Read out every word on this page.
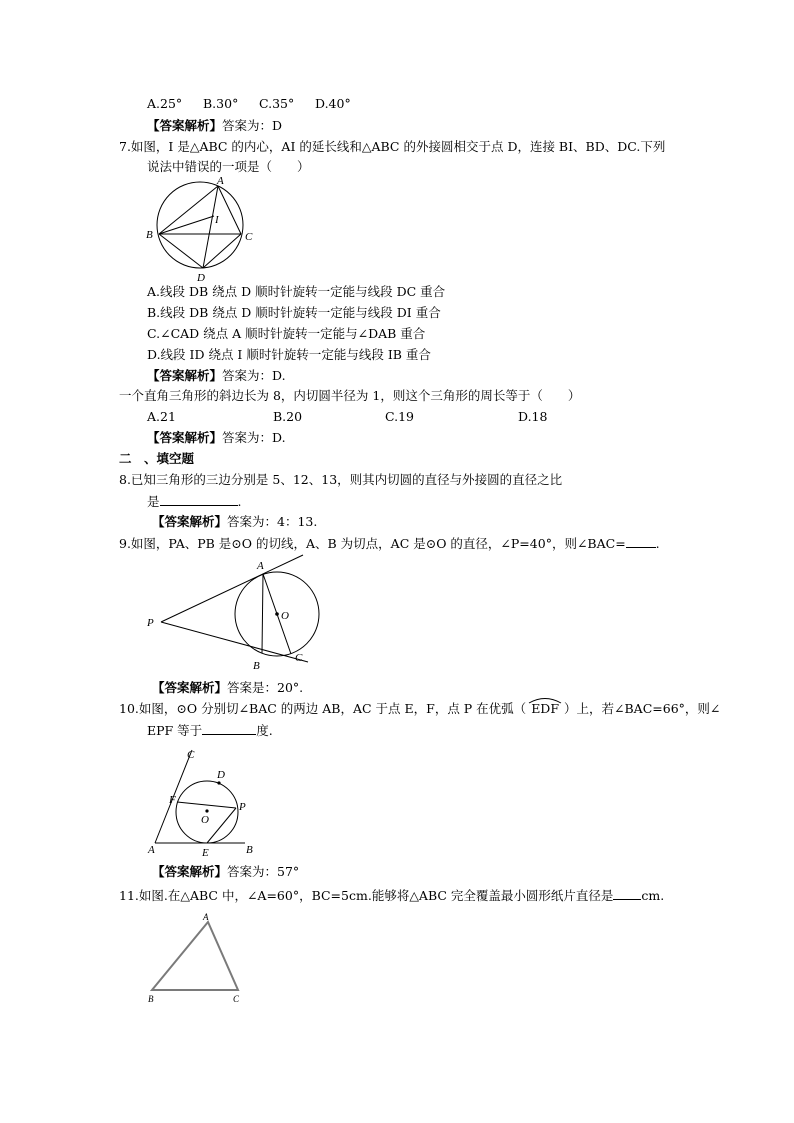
A.25° B.30° C.35° D.40°
【答案解析】答案为：D
7.如图，I 是△ABC 的内心，AI 的延长线和△ABC 的外接圆相交于点 D，连接 BI、BD、DC.下列
说法中错误的一项是（　　）
A
B	C
D
I
A.线段 DB 绕点 D 顺时针旋转一定能与线段 DC 重合
B.线段 DB 绕点 D 顺时针旋转一定能与线段 DI 重合
C.∠CAD 绕点 A 顺时针旋转一定能与∠DAB 重合
D.线段 ID 绕点 I 顺时针旋转一定能与线段 IB 重合
【答案解析】答案为：D.
一个直角三角形的斜边长为 8，内切圆半径为 1，则这个三角形的周长等于（　　）
A.21	B.20	C.19	D.18
【答案解析】答案为：D.
二　、填空题
8.已知三角形的三边分别是 5、12、13，则其内切圆的直径与外接圆的直径之比
是	.
【答案解析】答案为：4：13.
9.如图，PA、PB 是⊙O 的切线，A、B 为切点，AC 是⊙O 的直径，∠P=40°，则∠BAC= .
A
B
C
O
P
【答案解析】答案是：20°.
10.如图，⊙O 分别切∠BAC 的两边 AB，AC 于点 E，F，点 P 在优弧（ EDF ）上，若∠BAC=66°，则∠
EPF 等于	度.
A	B
C
D
E
F
O
P
【答案解析】答案为：57°
11.如图.在△ABC 中，∠A=60°，BC=5cm.能够将△ABC 完全覆盖最小圆形纸片直径是 cm.
A
B	C
